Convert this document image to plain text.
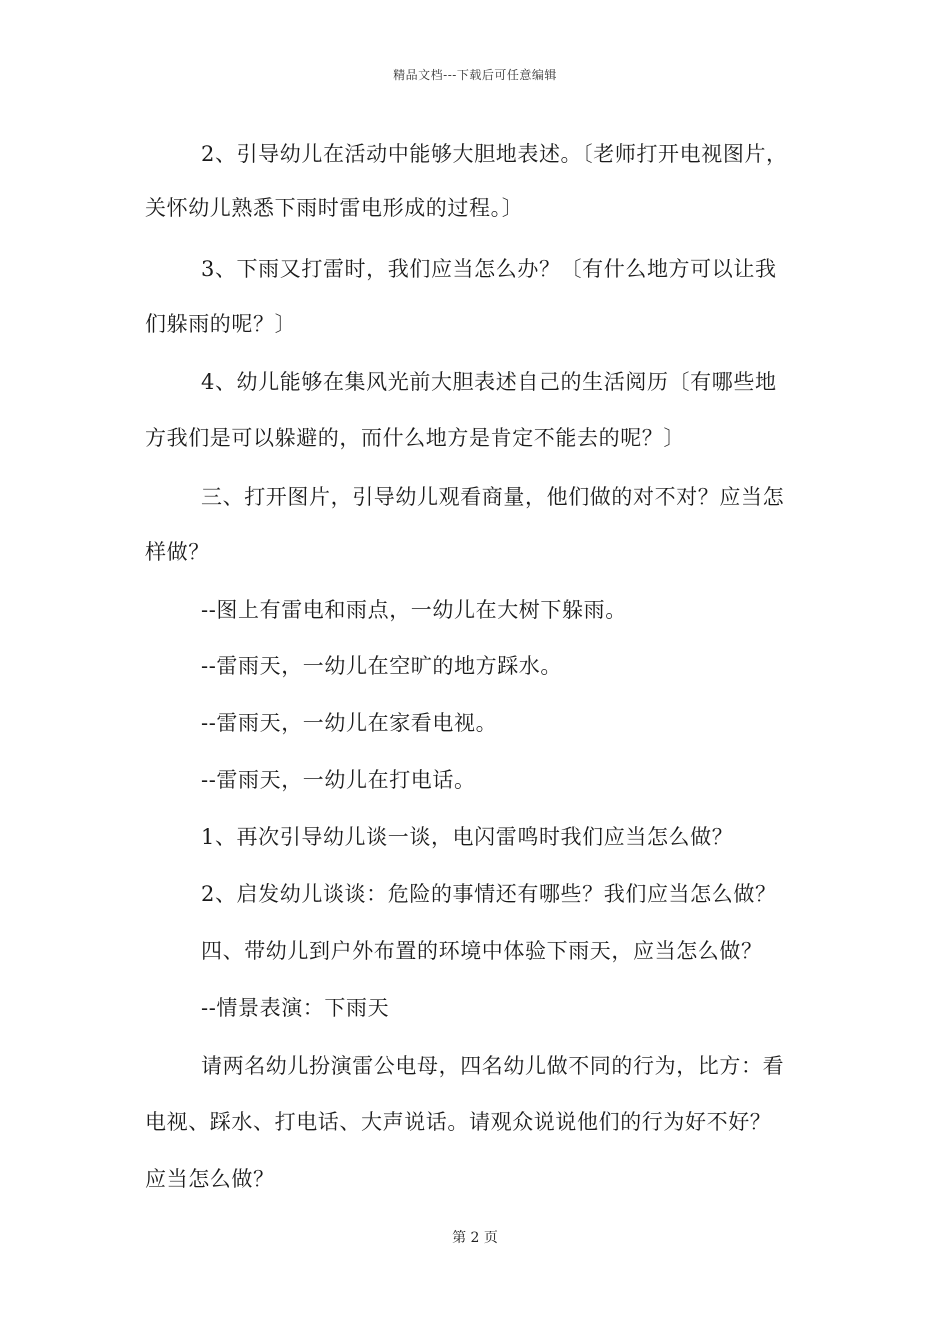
精品文档---下载后可任意编辑
2、引导幼儿在活动中能够大胆地表述。〔老师打开电视图片，
关怀幼儿熟悉下雨时雷电形成的过程。〕
3、下雨又打雷时，我们应当怎么办？〔有什么地方可以让我
们躲雨的呢？〕
4、幼儿能够在集风光前大胆表述自己的生活阅历〔有哪些地
方我们是可以躲避的，而什么地方是肯定不能去的呢？〕
三、打开图片，引导幼儿观看商量，他们做的对不对？应当怎
样做？
--图上有雷电和雨点，一幼儿在大树下躲雨。
--雷雨天，一幼儿在空旷的地方踩水。
--雷雨天，一幼儿在家看电视。
--雷雨天，一幼儿在打电话。
1、再次引导幼儿谈一谈，电闪雷鸣时我们应当怎么做？
2、启发幼儿谈谈：危险的事情还有哪些？我们应当怎么做？
四、带幼儿到户外布置的环境中体验下雨天，应当怎么做？
--情景表演：下雨天
请两名幼儿扮演雷公电母，四名幼儿做不同的行为，比方：看
电视、踩水、打电话、大声说话。请观众说说他们的行为好不好？
应当怎么做？
第 2 页
